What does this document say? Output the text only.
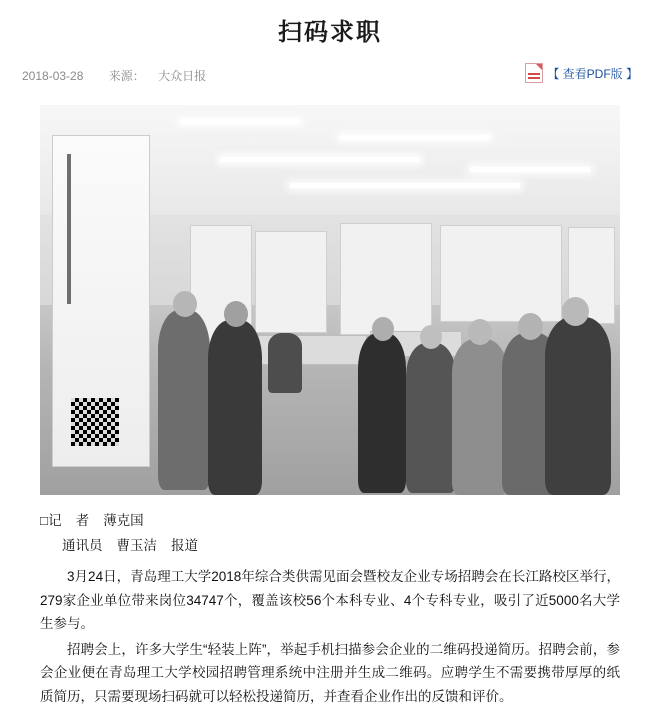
扫码求职
2018-03-28 来源： 大众日报	【 查看PDF版 】

□记 者 薄克国

通讯员 曹玉洁 报道

3月24日，青岛理工大学2018年综合类供需见面会暨校友企业专场招聘会在长江路校区举行，279家企业单位带来岗位34747个，覆盖该校56个本科专业、4个专科专业，吸引了近5000名大学生参与。

招聘会上，许多大学生“轻装上阵”，举起手机扫描参会企业的二维码投递简历。招聘会前，参会企业便在青岛理工大学校园招聘管理系统中注册并生成二维码。应聘学生不需要携带厚厚的纸质简历，只需要现场扫码就可以轻松投递简历，并查看企业作出的反馈和评价。
